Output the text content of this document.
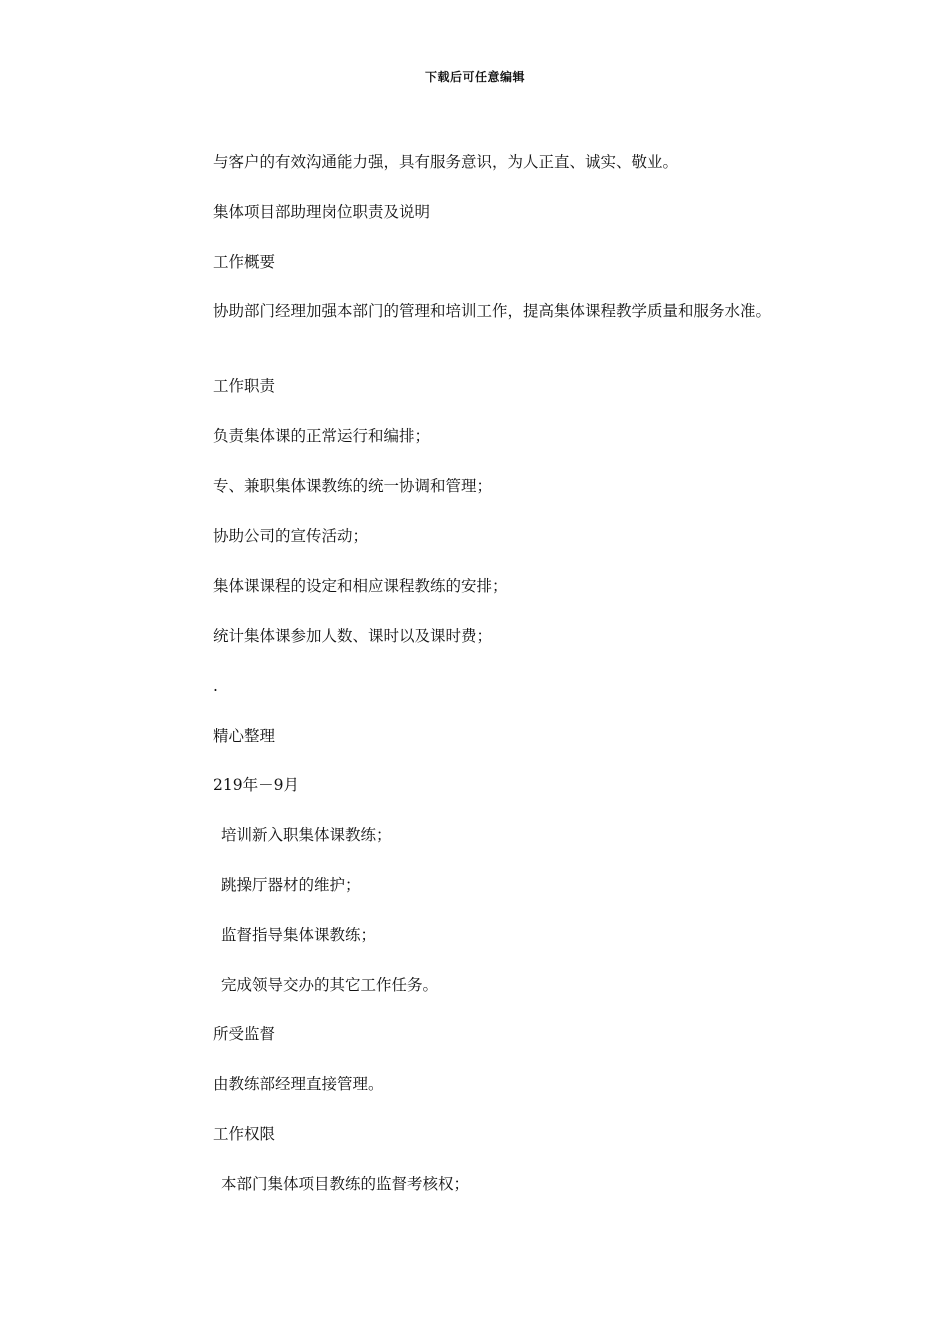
下载后可任意编辑
与客户的有效沟通能力强，具有服务意识，为人正直、诚实、敬业。
集体项目部助理岗位职责及说明
工作概要
协助部门经理加强本部门的管理和培训工作，提高集体课程教学质量和服务水准。
工作职责
负责集体课的正常运行和编排；
专、兼职集体课教练的统一协调和管理；
协助公司的宣传活动；
集体课课程的设定和相应课程教练的安排；
统计集体课参加人数、课时以及课时费；
.
精心整理
219年－9月
培训新入职集体课教练；
跳操厅器材的维护；
监督指导集体课教练；
完成领导交办的其它工作任务。
所受监督
由教练部经理直接管理。
工作权限
本部门集体项目教练的监督考核权；
